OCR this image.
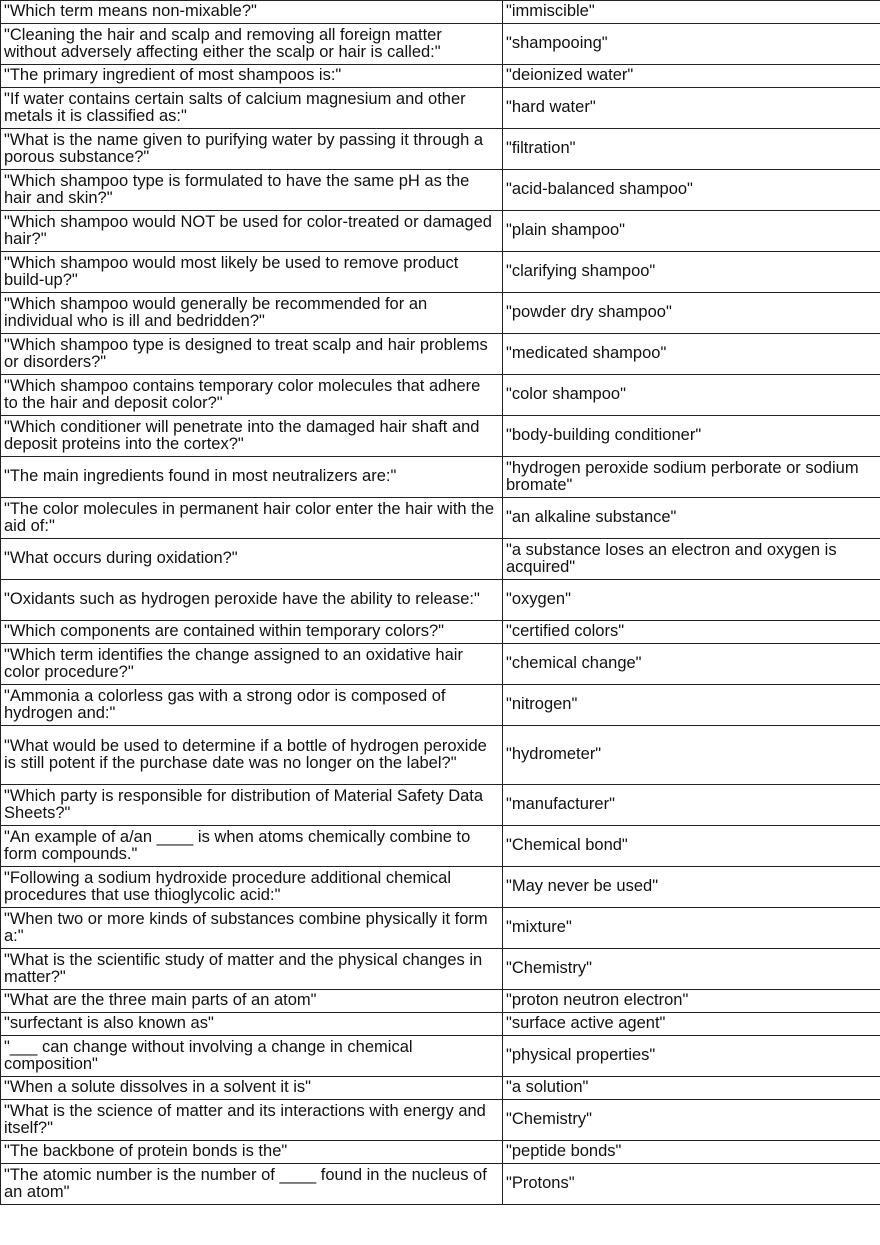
"Which term means non-mixable?"	"immiscible"
"Cleaning the hair and scalp and removing all foreign matter without adversely affecting either the scalp or hair is called:"	"shampooing"
"The primary ingredient of most shampoos is:"	"deionized water"
"If water contains certain salts of calcium magnesium and other metals it is classified as:"	"hard water"
"What is the name given to purifying water by passing it through a porous substance?"	"filtration"
"Which shampoo type is formulated to have the same pH as the hair and skin?"	"acid-balanced shampoo"
"Which shampoo would NOT be used for color-treated or damaged hair?"	"plain shampoo"
"Which shampoo would most likely be used to remove product build-up?"	"clarifying shampoo"
"Which shampoo would generally be recommended for an individual who is ill and bedridden?"	"powder dry shampoo"
"Which shampoo type is designed to treat scalp and hair problems or disorders?"	"medicated shampoo"
"Which shampoo contains temporary color molecules that adhere to the hair and deposit color?"	"color shampoo"
"Which conditioner will penetrate into the damaged hair shaft and deposit proteins into the cortex?"	"body-building conditioner"
"The main ingredients found in most neutralizers are:"	"hydrogen peroxide sodium perborate or sodium bromate"
"The color molecules in permanent hair color enter the hair with the aid of:"	"an alkaline substance"
"What occurs during oxidation?"	"a substance loses an electron and oxygen is acquired"
"Oxidants such as hydrogen peroxide have the ability to release:"	"oxygen"
"Which components are contained within temporary colors?"	"certified colors"
"Which term identifies the change assigned to an oxidative hair color procedure?"	"chemical change"
"Ammonia a colorless gas with a strong odor is composed of hydrogen and:"	"nitrogen"
"What would be used to determine if a bottle of hydrogen peroxide is still potent if the purchase date was no longer on the label?"	"hydrometer"
"Which party is responsible for distribution of Material Safety Data Sheets?"	"manufacturer"
"An example of a/an ____ is when atoms chemically combine to form compounds."	"Chemical bond"
"Following a sodium hydroxide procedure additional chemical procedures that use thioglycolic acid:"	"May never be used"
"When two or more kinds of substances combine physically it form a:"	"mixture"
"What is the scientific study of matter and the physical changes in matter?"	"Chemistry"
"What are the three main parts of an atom"	"proton neutron electron"
"surfectant is also known as"	"surface active agent"
"___ can change without involving a change in chemical composition"	"physical properties"
"When a solute dissolves in a solvent it is"	"a solution"
"What is the science of matter and its interactions with energy and itself?"	"Chemistry"
"The backbone of protein bonds is the"	"peptide bonds"
"The atomic number is the number of ____ found in the nucleus of an atom"	"Protons"
